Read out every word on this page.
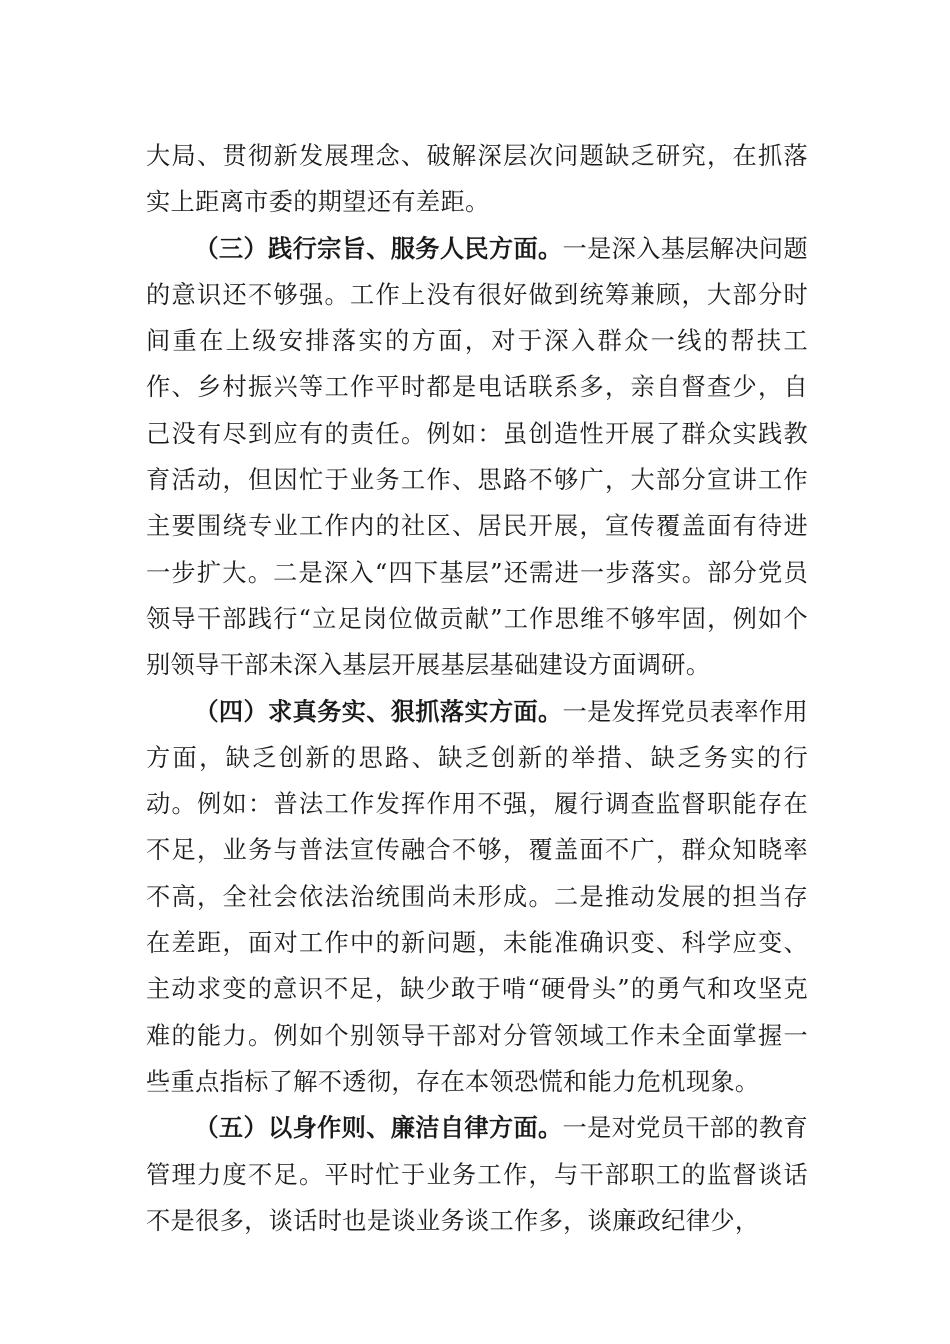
大局、贯彻新发展理念、破解深层次问题缺乏研究，在抓落实上距离市委的期望还有差距。

（三）践行宗旨、服务人民方面。一是深入基层解决问题的意识还不够强。工作上没有很好做到统筹兼顾，大部分时间重在上级安排落实的方面，对于深入群众一线的帮扶工作、乡村振兴等工作平时都是电话联系多，亲自督查少，自己没有尽到应有的责任。例如：虽创造性开展了群众实践教育活动，但因忙于业务工作、思路不够广，大部分宣讲工作主要围绕专业工作内的社区、居民开展，宣传覆盖面有待进一步扩大。二是深入“四下基层”还需进一步落实。部分党员领导干部践行“立足岗位做贡献”工作思维不够牢固，例如个别领导干部未深入基层开展基层基础建设方面调研。

（四）求真务实、狠抓落实方面。一是发挥党员表率作用方面，缺乏创新的思路、缺乏创新的举措、缺乏务实的行动。例如：普法工作发挥作用不强，履行调查监督职能存在不足，业务与普法宣传融合不够，覆盖面不广，群众知晓率不高，全社会依法治统围尚未形成。二是推动发展的担当存在差距，面对工作中的新问题，未能准确识变、科学应变、主动求变的意识不足，缺少敢于啃“硬骨头”的勇气和攻坚克难的能力。例如个别领导干部对分管领域工作未全面掌握一些重点指标了解不透彻，存在本领恐慌和能力危机现象。

（五）以身作则、廉洁自律方面。一是对党员干部的教育管理力度不足。平时忙于业务工作，与干部职工的监督谈话不是很多，谈话时也是谈业务谈工作多，谈廉政纪律少，
